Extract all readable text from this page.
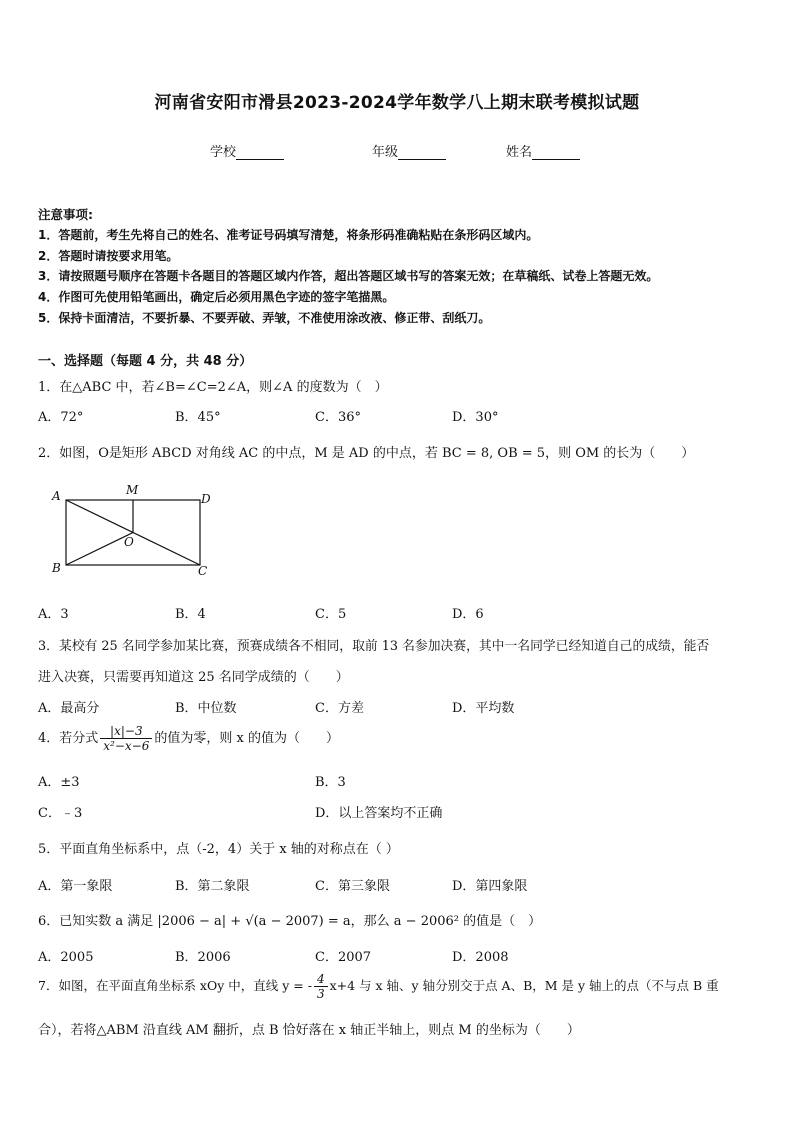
河南省安阳市滑县2023-2024学年数学八上期末联考模拟试题
学校	年级	姓名
注意事项:
1．答题前，考生先将自己的姓名、准考证号码填写清楚，将条形码准确粘贴在条形码区域内。
2．答题时请按要求用笔。
3．请按照题号顺序在答题卡各题目的答题区域内作答，超出答题区域书写的答案无效；在草稿纸、试卷上答题无效。
4．作图可先使用铅笔画出，确定后必须用黑色字迹的签字笔描黑。
5．保持卡面清洁，不要折暴、不要弄破、弄皱，不准使用涂改液、修正带、刮纸刀。
一、选择题（每题 4 分，共 48 分）
1．在△ABC 中，若∠B=∠C=2∠A，则∠A 的度数为（　）
A．72°	B．45°	C．36°	D．30°
2．如图，O是矩形 ABCD 对角线 AC 的中点，M 是 AD 的中点，若 BC = 8, OB = 5，则 OM 的长为（　　）
A	M
D
O
B	C
A．3	B．4	C．5	D．6
3．某校有 25 名同学参加某比赛，预赛成绩各不相同，取前 13 名参加决赛，其中一名同学已经知道自己的成绩，能否
进入决赛，只需要再知道这 25 名同学成绩的（　　）
A．最高分	B．中位数	C．方差	D．平均数
4．若分式 $\frac{|x|-3}{\text{x²−x−6}}$ 的值为零，则 x 的值为（　　）
A．±3	B．3
C．﹣3	D．以上答案均不正确
5．平面直角坐标系中，点（-2，4）关于 x 轴的对称点在（ ）
A．第一象限	B．第二象限	C．第三象限	D．第四象限
6．已知实数 a 满足 |2006 − a| + √(a − 2007) = a，那么 a − 2006² 的值是（　）
A．2005	B．2006	C．2007	D．2008
7．如图，在平面直角坐标系 xOy 中，直线 y = - $\frac{4}{3} x+4$ 与 x 轴、y 轴分别交于点 A、B，M 是 y 轴上的点（不与点 B 重
合），若将△ABM 沿直线 AM 翻折，点 B 恰好落在 x 轴正半轴上，则点 M 的坐标为（　　）
